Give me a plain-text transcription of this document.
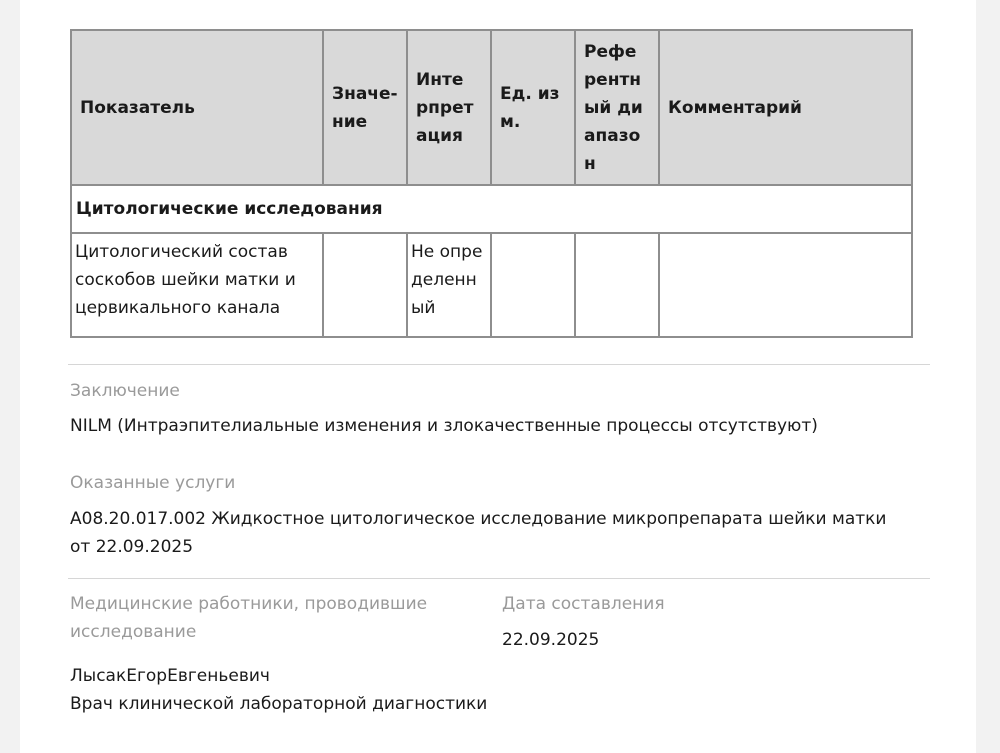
Показатель	Значение	Интерпретация	Ед. изм.	Референтный диапазон	Комментарий
Цитологические исследования					
Цитологический состав соскобов шейки матки и цервикального канала		Не определенный			
Заключение
NILM (Интраэпителиальные изменения и злокачественные процессы отсутствуют)
Оказанные услуги
A08.20.017.002 Жидкостное цитологическое исследование микропрепарата шейки матки от 22.09.2025
Медицинские работники, проводившие исследование
Дата составления
22.09.2025
ЛысакЕгорЕвгеньевич
Врач клинической лабораторной диагностики
